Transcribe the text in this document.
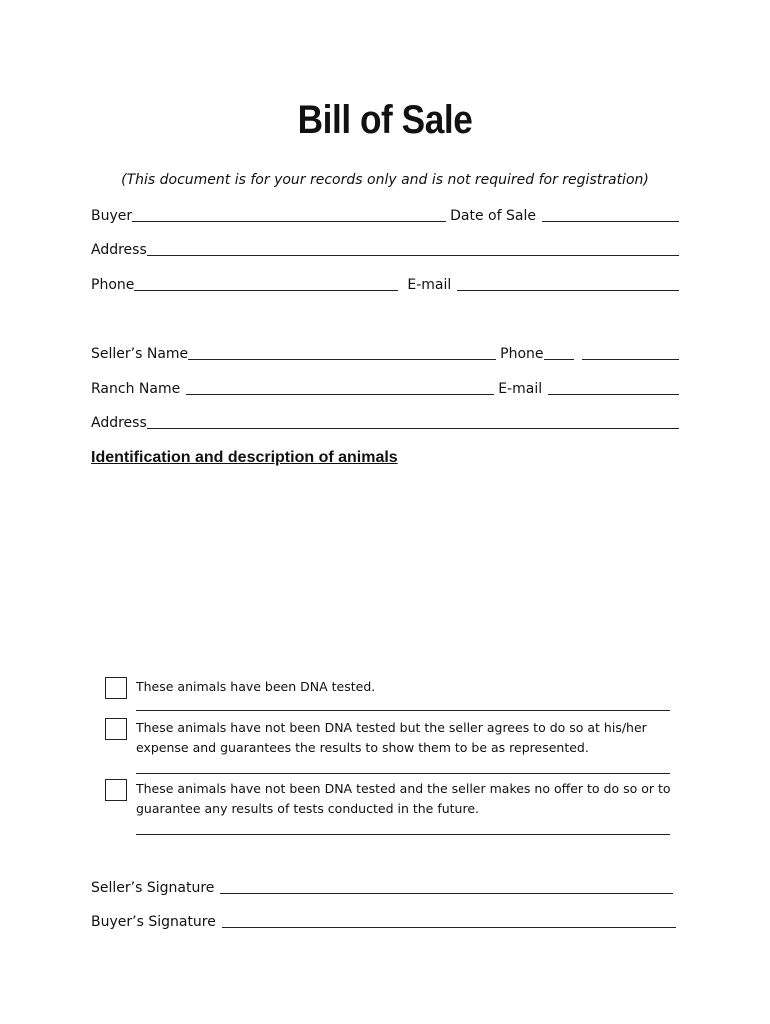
Bill of Sale
(This document is for your records only and is not required for registration)
Buyer	Date of Sale
Address
Phone	E-mail
Seller’s Name	Phone
Ranch Name	E-mail
Address
Identification and description of animals
These animals have been DNA tested.
These animals have not been DNA tested but the seller agrees to do so at his/her expense and guarantees the results to show them to be as represented.
These animals have not been DNA tested and the seller makes no offer to do so or to guarantee any results of tests conducted in the future.
Seller’s Signature
Buyer’s Signature
